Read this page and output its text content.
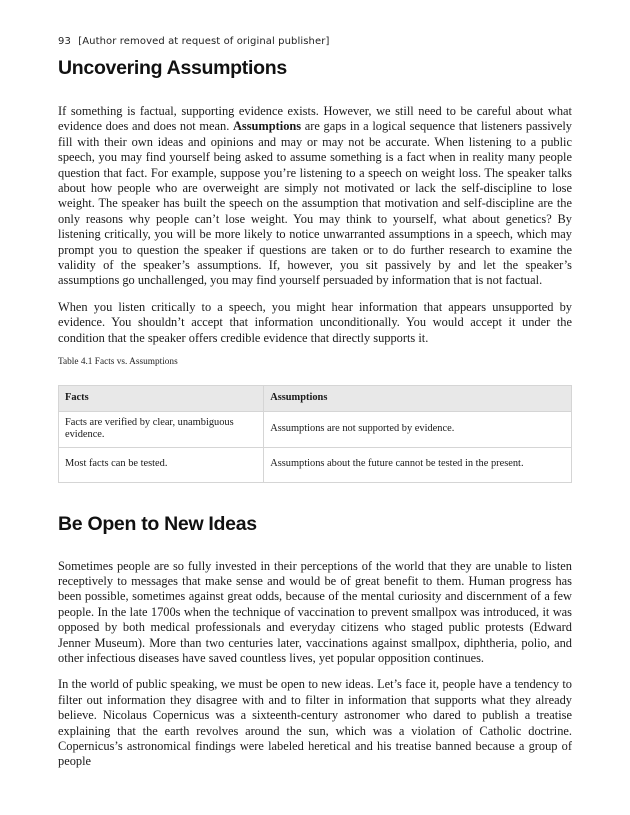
93 [Author removed at request of original publisher]
Uncovering Assumptions

If something is factual, supporting evidence exists. However, we still need to be careful about what evidence does and does not mean. Assumptions are gaps in a logical sequence that listeners passively fill with their own ideas and opinions and may or may not be accurate. When listening to a public speech, you may find yourself being asked to assume something is a fact when in reality many people question that fact. For example, suppose you’re listening to a speech on weight loss. The speaker talks about how people who are overweight are simply not motivated or lack the self-discipline to lose weight. The speaker has built the speech on the assumption that motivation and self-discipline are the only reasons why people can’t lose weight. You may think to yourself, what about genetics? By listening critically, you will be more likely to notice unwarranted assumptions in a speech, which may prompt you to question the speaker if questions are taken or to do further research to examine the validity of the speaker’s assumptions. If, however, you sit passively by and let the speaker’s assumptions go unchallenged, you may find yourself persuaded by information that is not factual.

When you listen critically to a speech, you might hear information that appears unsupported by evidence. You shouldn’t accept that information unconditionally. You would accept it under the condition that the speaker offers credible evidence that directly supports it.

Table 4.1 Facts vs. Assumptions
Facts	Assumptions
Facts are verified by clear, unambiguous evidence.	Assumptions are not supported by evidence.
Most facts can be tested.	Assumptions about the future cannot be tested in the present.
Be Open to New Ideas

Sometimes people are so fully invested in their perceptions of the world that they are unable to listen receptively to messages that make sense and would be of great benefit to them. Human progress has been possible, sometimes against great odds, because of the mental curiosity and discernment of a few people. In the late 1700s when the technique of vaccination to prevent smallpox was introduced, it was opposed by both medical professionals and everyday citizens who staged public protests (Edward Jenner Museum). More than two centuries later, vaccinations against smallpox, diphtheria, polio, and other infectious diseases have saved countless lives, yet popular opposition continues.

In the world of public speaking, we must be open to new ideas. Let’s face it, people have a tendency to filter out information they disagree with and to filter in information that supports what they already believe. Nicolaus Copernicus was a sixteenth-century astronomer who dared to publish a treatise explaining that the earth revolves around the sun, which was a violation of Catholic doctrine. Copernicus’s astronomical findings were labeled heretical and his treatise banned because a group of people
